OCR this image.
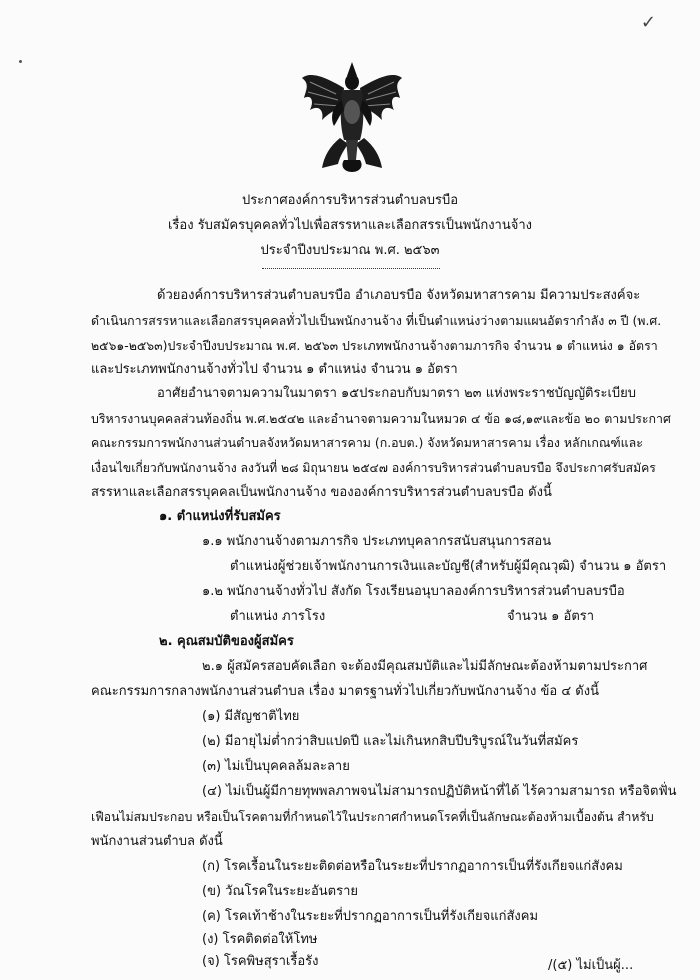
✓
ประกาศองค์การบริหารส่วนตำบลบรบือ
เรื่อง รับสมัครบุคคลทั่วไปเพื่อสรรหาและเลือกสรรเป็นพนักงานจ้าง
ประจำปีงบประมาณ พ.ศ. ๒๕๖๓
ด้วยองค์การบริหารส่วนตำบลบรบือ อำเภอบรบือ จังหวัดมหาสารคาม มีความประสงค์จะ
ดำเนินการสรรหาและเลือกสรรบุคคลทั่วไปเป็นพนักงานจ้าง ที่เป็นตำแหน่งว่างตามแผนอัตรากำลัง ๓ ปี (พ.ศ.
๒๕๖๑-๒๕๖๓)ประจำปีงบประมาณ พ.ศ. ๒๕๖๓ ประเภทพนักงานจ้างตามภารกิจ จำนวน ๑ ตำแหน่ง ๑ อัตรา
และประเภทพนักงานจ้างทั่วไป จำนวน ๑ ตำแหน่ง จำนวน ๑ อัตรา
อาศัยอำนาจตามความในมาตรา ๑๕ประกอบกับมาตรา ๒๓ แห่งพระราชบัญญัติระเบียบ
บริหารงานบุคคลส่วนท้องถิ่น พ.ศ.๒๕๔๒ และอำนาจตามความในหมวด ๔ ข้อ ๑๘,๑๙และข้อ ๒๐ ตามประกาศ
คณะกรรมการพนักงานส่วนตำบลจังหวัดมหาสารคาม (ก.อบต.) จังหวัดมหาสารคาม เรื่อง หลักเกณฑ์และ
เงื่อนไขเกี่ยวกับพนักงานจ้าง ลงวันที่ ๒๘ มิถุนายน ๒๕๔๗ องค์การบริหารส่วนตำบลบรบือ จึงประกาศรับสมัคร
สรรหาและเลือกสรรบุคคลเป็นพนักงานจ้าง ขององค์การบริหารส่วนตำบลบรบือ ดังนี้
๑. ตำแหน่งที่รับสมัคร
๑.๑ พนักงานจ้างตามภารกิจ ประเภทบุคลากรสนับสนุนการสอน
ตำแหน่งผู้ช่วยเจ้าพนักงานการเงินและบัญชี(สำหรับผู้มีคุณวุฒิ) จำนวน ๑ อัตรา
๑.๒ พนักงานจ้างทั่วไป สังกัด โรงเรียนอนุบาลองค์การบริหารส่วนตำบลบรบือ
ตำแหน่ง ภารโรง	จำนวน ๑ อัตรา
๒. คุณสมบัติของผู้สมัคร
๒.๑ ผู้สมัครสอบคัดเลือก จะต้องมีคุณสมบัติและไม่มีลักษณะต้องห้ามตามประกาศ
คณะกรรมการกลางพนักงานส่วนตำบล เรื่อง มาตรฐานทั่วไปเกี่ยวกับพนักงานจ้าง ข้อ ๔ ดังนี้
(๑) มีสัญชาติไทย
(๒) มีอายุไม่ต่ำกว่าสิบแปดปี และไม่เกินหกสิบปีบริบูรณ์ในวันที่สมัคร
(๓) ไม่เป็นบุคคลล้มละลาย
(๔) ไม่เป็นผู้มีกายทุพพลภาพจนไม่สามารถปฏิบัติหน้าที่ได้ ไร้ความสามารถ หรือจิตฟั่น
เฟือนไม่สมประกอบ หรือเป็นโรคตามที่กำหนดไว้ในประกาศกำหนดโรคที่เป็นลักษณะต้องห้ามเบื้องต้น สำหรับ
พนักงานส่วนตำบล ดังนี้
(ก) โรคเรื้อนในระยะติดต่อหรือในระยะที่ปรากฏอาการเป็นที่รังเกียจแก่สังคม
(ข) วัณโรคในระยะอันตราย
(ค) โรคเท้าช้างในระยะที่ปรากฏอาการเป็นที่รังเกียจแก่สังคม
(ง) โรคติดต่อให้โทษ
(จ) โรคพิษสุราเรื้อรัง	/(๕) ไม่เป็นผู้...
